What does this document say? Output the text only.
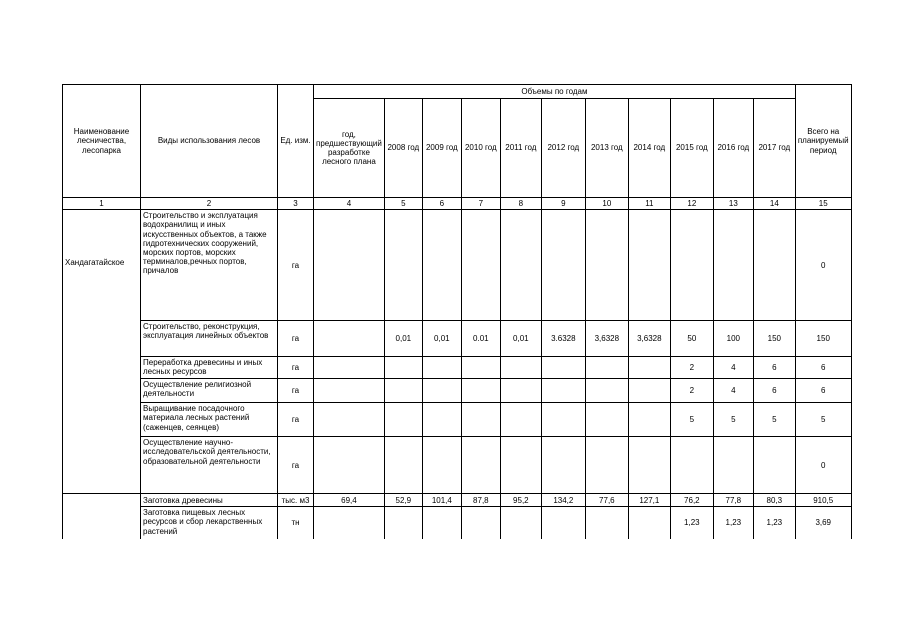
Наименование лесничества, лесопарка	Виды использования лесов	Ед. изм.	Объемы по годам											Всего на планируемый период
			год, предшествующий разработке лесного плана	2008 год	2009 год	2010 год	2011 год	2012 год	2013 год	2014 год	2015 год	2016 год	2017 год	
1	2	3	4	5	6	7	8	9	10	11	12	13	14	15
Хандагатайское	Строительство и эксплуатация водохранилищ и иных искусственных объектов, а также гидротехнических сооружений, морских портов, морских терминалов,речных портов, причалов	га												0
	Строительство, реконструкция, эксплуатация линейных объектов	га		0,01	0,01	0.01	0,01	3.6328	3,6328	3,6328	50	100	150	150
	Переработка древесины и иных лесных ресурсов	га									2	4	6	6
	Осуществление религиозной деятельности	га									2	4	6	6
	Выращивание посадочного материала лесных растений (саженцев, сеянцев)	га									5	5	5	5
	Осуществление научно-исследовательской деятельности, образовательной деятельности	га												0
	Заготовка древесины	тыс. м3	69,4	52,9	101,4	87,8	95,2	134,2	77,6	127,1	76,2	77,8	80,3	910,5
	Заготовка пищевых лесных ресурсов и сбор лекарственных растений	тн									1,23	1,23	1,23	3,69
